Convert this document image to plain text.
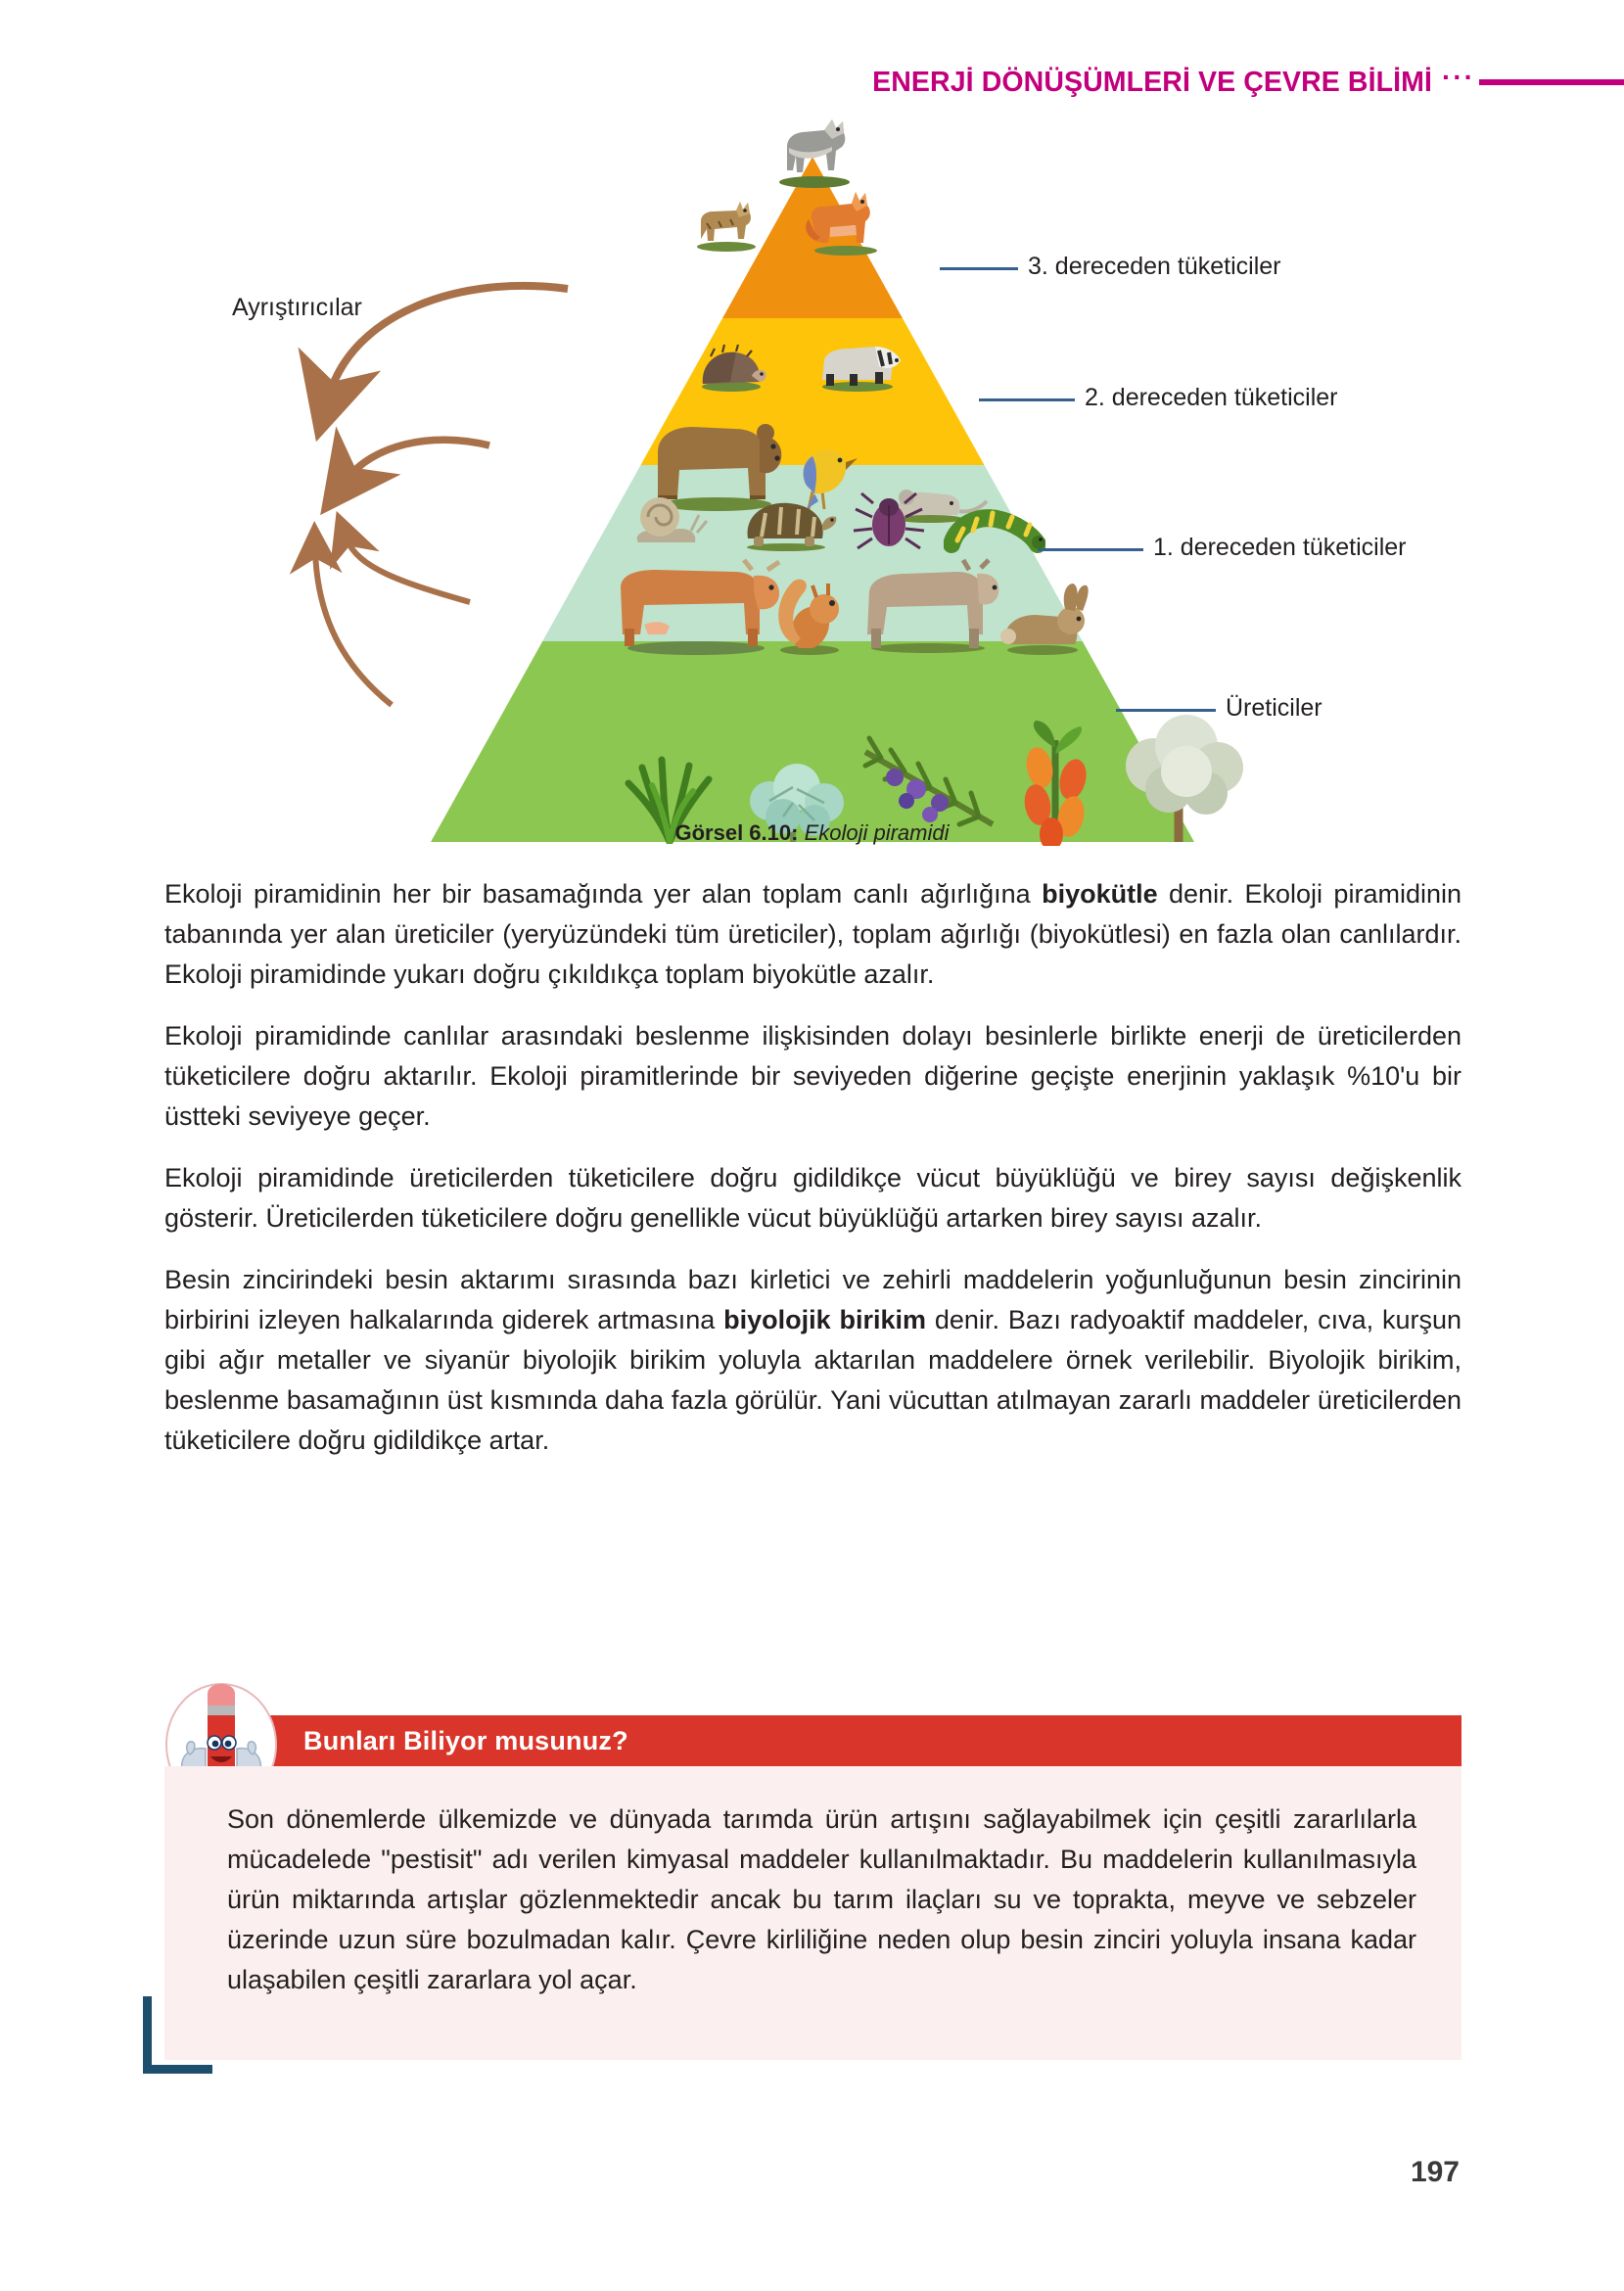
ENERJİ DÖNÜŞÜMLERİ VE ÇEVRE BİLİMİ ···
Ayrıştırıcılar
3. dereceden tüketiciler
2. dereceden tüketiciler
1. dereceden tüketiciler
Üreticiler
Görsel 6.10: Ekoloji piramidi

Ekoloji piramidinin her bir basamağında yer alan toplam canlı ağırlığına biyokütle denir. Ekoloji piramidinin tabanında yer alan üreticiler (yeryüzündeki tüm üreticiler), toplam ağırlığı (biyokütlesi) en fazla olan canlılardır. Ekoloji piramidinde yukarı doğru çıkıldıkça toplam biyokütle azalır.

Ekoloji piramidinde canlılar arasındaki beslenme ilişkisinden dolayı besinlerle birlikte enerji de üreticilerden tüketicilere doğru aktarılır. Ekoloji piramitlerinde bir seviyeden diğerine geçişte enerjinin yaklaşık %10'u bir üstteki seviyeye geçer.

Ekoloji piramidinde üreticilerden tüketicilere doğru gidildikçe vücut büyüklüğü ve birey sayısı değişkenlik gösterir. Üreticilerden tüketicilere doğru genellikle vücut büyüklüğü artarken birey sayısı azalır.

Besin zincirindeki besin aktarımı sırasında bazı kirletici ve zehirli maddelerin yoğunluğunun besin zincirinin birbirini izleyen halkalarında giderek artmasına biyolojik birikim denir. Bazı radyoaktif maddeler, cıva, kurşun gibi ağır metaller ve siyanür biyolojik birikim yoluyla aktarılan maddelere örnek verilebilir. Biyolojik birikim, beslenme basamağının üst kısmında daha fazla görülür. Yani vücuttan atılmayan zararlı maddeler üreticilerden tüketicilere doğru gidildikçe artar.

Bunları Biliyor musunuz?

Son dönemlerde ülkemizde ve dünyada tarımda ürün artışını sağlayabilmek için çeşitli zararlılarla mücadelede "pestisit" adı verilen kimyasal maddeler kullanılmaktadır. Bu maddelerin kullanılmasıyla ürün miktarında artışlar gözlenmektedir ancak bu tarım ilaçları su ve toprakta, meyve ve sebzeler üzerinde uzun süre bozulmadan kalır. Çevre kirliliğine neden olup besin zinciri yoluyla insana kadar ulaşabilen çeşitli zararlara yol açar.

197
